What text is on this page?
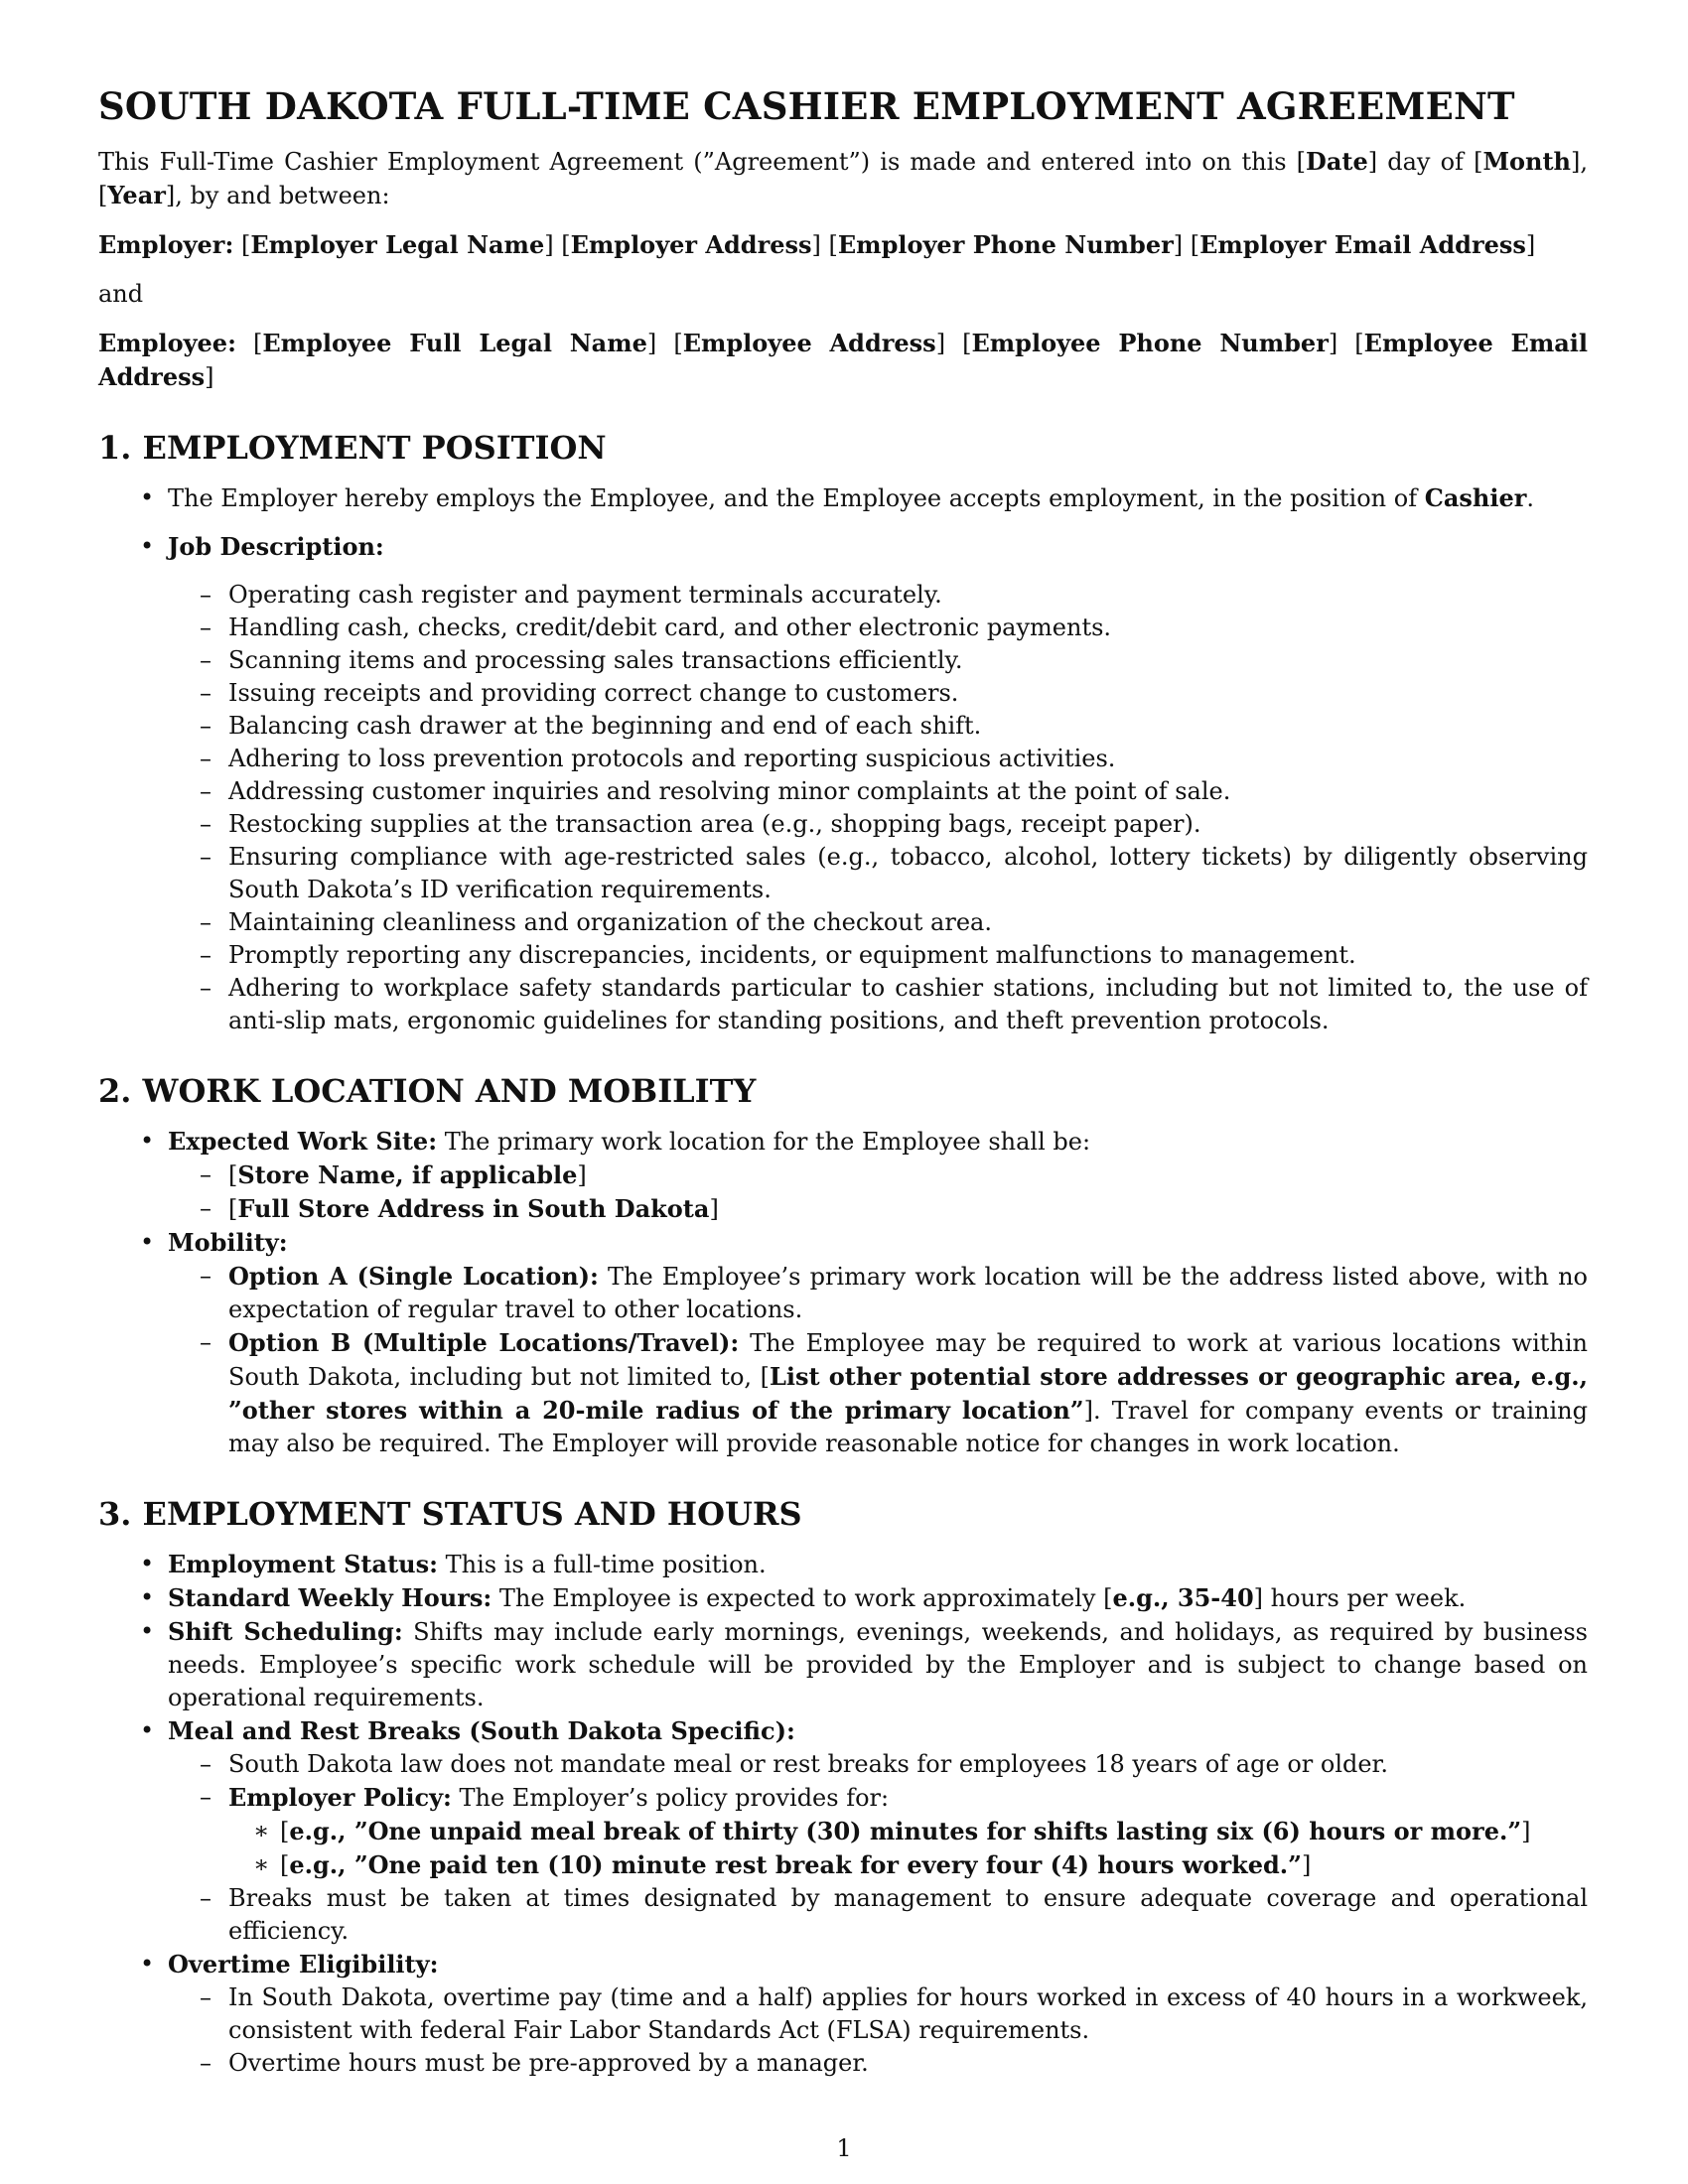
SOUTH DAKOTA FULL-TIME CASHIER EMPLOYMENT AGREEMENT

This Full-Time Cashier Employment Agreement (”Agreement”) is made and entered into on this [Date] day of [Month], [Year], by and between:

Employer: [Employer Legal Name] [Employer Address] [Employer Phone Number] [Employer Email Address]

and

Employee: [Employee Full Legal Name] [Employee Address] [Employee Phone Number] [Employee Email Address]

1. EMPLOYMENT POSITION
• The Employer hereby employs the Employee, and the Employee accepts employment, in the position of Cashier.
• Job Description:
– Operating cash register and payment terminals accurately.
– Handling cash, checks, credit/debit card, and other electronic payments.
– Scanning items and processing sales transactions efficiently.
– Issuing receipts and providing correct change to customers.
– Balancing cash drawer at the beginning and end of each shift.
– Adhering to loss prevention protocols and reporting suspicious activities.
– Addressing customer inquiries and resolving minor complaints at the point of sale.
– Restocking supplies at the transaction area (e.g., shopping bags, receipt paper).
– Ensuring compliance with age-restricted sales (e.g., tobacco, alcohol, lottery tickets) by diligently observing South Dakota’s ID verification requirements.
– Maintaining cleanliness and organization of the checkout area.
– Promptly reporting any discrepancies, incidents, or equipment malfunctions to management.
– Adhering to workplace safety standards particular to cashier stations, including but not limited to, the use of anti-slip mats, ergonomic guidelines for standing positions, and theft prevention protocols.
2. WORK LOCATION AND MOBILITY
• Expected Work Site: The primary work location for the Employee shall be:
– [Store Name, if applicable]
– [Full Store Address in South Dakota]
• Mobility:
– Option A (Single Location): The Employee’s primary work location will be the address listed above, with no expectation of regular travel to other locations.
– Option B (Multiple Locations/Travel): The Employee may be required to work at various locations within South Dakota, including but not limited to, [List other potential store addresses or geographic area, e.g., ”other stores within a 20-mile radius of the primary location”]. Travel for company events or training may also be required. The Employer will provide reasonable notice for changes in work location.
3. EMPLOYMENT STATUS AND HOURS
• Employment Status: This is a full-time position.
• Standard Weekly Hours: The Employee is expected to work approximately [e.g., 35-40] hours per week.
• Shift Scheduling: Shifts may include early mornings, evenings, weekends, and holidays, as required by business needs. Employee’s specific work schedule will be provided by the Employer and is subject to change based on operational requirements.
• Meal and Rest Breaks (South Dakota Specific):
– South Dakota law does not mandate meal or rest breaks for employees 18 years of age or older.
– Employer Policy: The Employer’s policy provides for:
∗ [e.g., ”One unpaid meal break of thirty (30) minutes for shifts lasting six (6) hours or more.”]
∗ [e.g., ”One paid ten (10) minute rest break for every four (4) hours worked.”]
– Breaks must be taken at times designated by management to ensure adequate coverage and operational efficiency.
• Overtime Eligibility:
– In South Dakota, overtime pay (time and a half) applies for hours worked in excess of 40 hours in a workweek, consistent with federal Fair Labor Standards Act (FLSA) requirements.
– Overtime hours must be pre-approved by a manager.
1
